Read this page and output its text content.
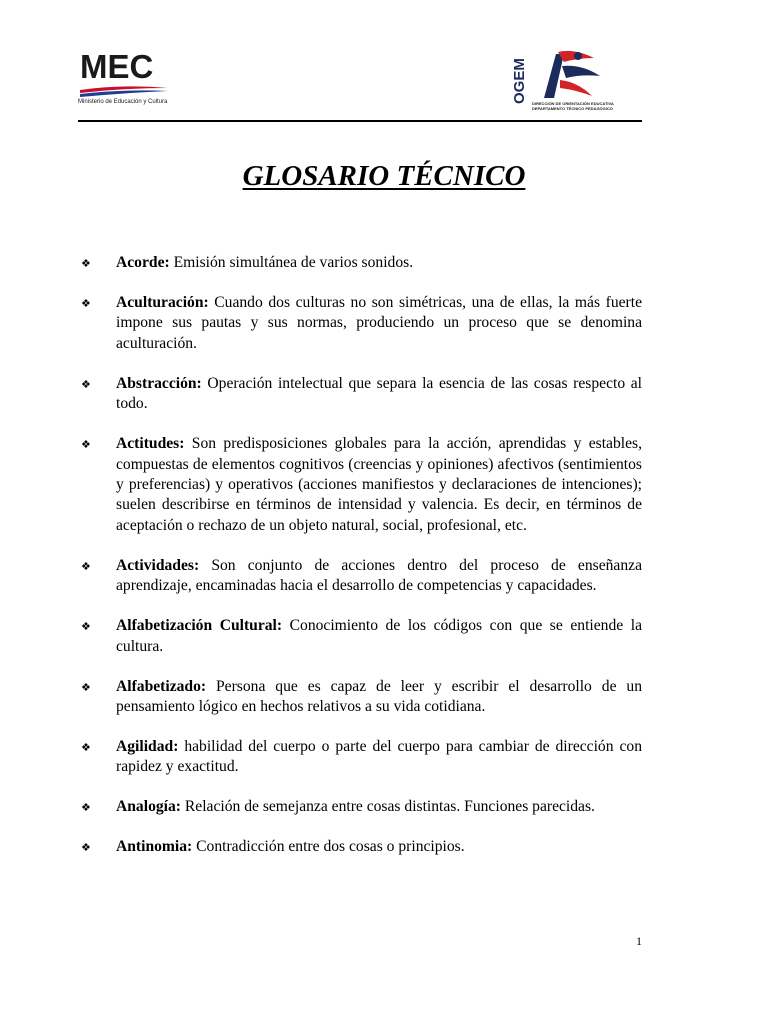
MEC
Ministerio de Educación y Cultura	OGEM DIRECCIÓN DE ORIENTACIÓN EDUCATIVA
DEPARTAMENTO TÉCNICO PEDAGÓGICO
GLOSARIO TÉCNICO
❖ Acorde: Emisión simultánea de varios sonidos.
❖ Aculturación: Cuando dos culturas no son simétricas, una de ellas, la más fuerte impone sus pautas y sus normas, produciendo un proceso que se denomina aculturación.
❖ Abstracción: Operación intelectual que separa la esencia de las cosas respecto al todo.
❖ Actitudes: Son predisposiciones globales para la acción, aprendidas y estables, compuestas de elementos cognitivos (creencias y opiniones) afectivos (sentimientos y preferencias) y operativos (acciones manifiestos y declaraciones de intenciones); suelen describirse en términos de intensidad y valencia. Es decir, en términos de aceptación o rechazo de un objeto natural, social, profesional, etc.
❖ Actividades: Son conjunto de acciones dentro del proceso de enseñanza aprendizaje, encaminadas hacia el desarrollo de competencias y capacidades.
❖ Alfabetización Cultural: Conocimiento de los códigos con que se entiende la cultura.
❖ Alfabetizado: Persona que es capaz de leer y escribir el desarrollo de un pensamiento lógico en hechos relativos a su vida cotidiana.
❖ Agilidad: habilidad del cuerpo o parte del cuerpo para cambiar de dirección con rapidez y exactitud.
❖ Analogía: Relación de semejanza entre cosas distintas. Funciones parecidas.
❖ Antinomia: Contradicción entre dos cosas o principios.
1
